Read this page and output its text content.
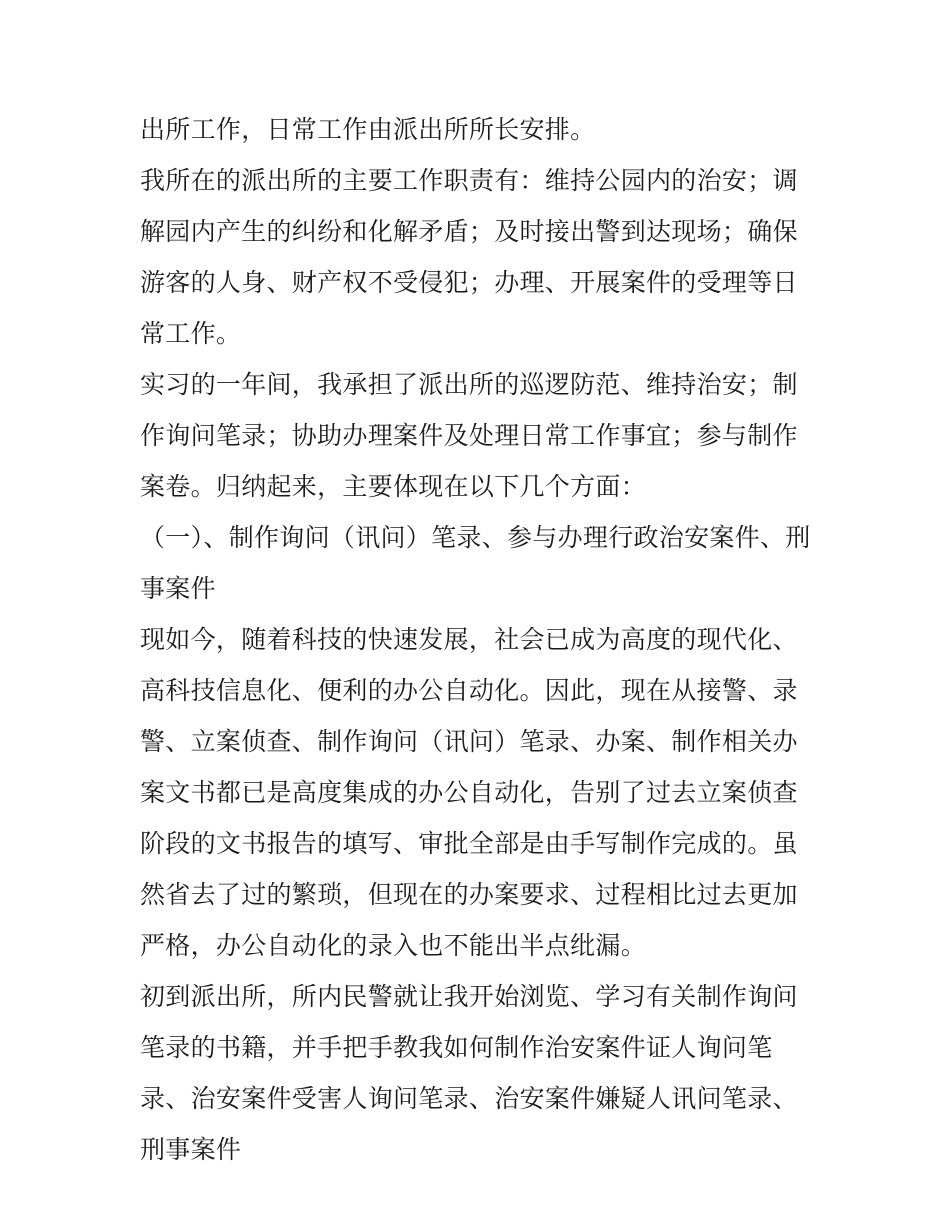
出所工作，日常工作由派出所所长安排。

我所在的派出所的主要工作职责有：维持公园内的治安；调解园内产生的纠纷和化解矛盾；及时接出警到达现场；确保游客的人身、财产权不受侵犯；办理、开展案件的受理等日常工作。

实习的一年间，我承担了派出所的巡逻防范、维持治安；制作询问笔录；协助办理案件及处理日常工作事宜；参与制作案卷。归纳起来，主要体现在以下几个方面：

（一）、制作询问（讯问）笔录、参与办理行政治安案件、刑事案件

现如今，随着科技的快速发展，社会已成为高度的现代化、高科技信息化、便利的办公自动化。因此，现在从接警、录警、立案侦查、制作询问（讯问）笔录、办案、制作相关办案文书都已是高度集成的办公自动化，告别了过去立案侦查阶段的文书报告的填写、审批全部是由手写制作完成的。虽然省去了过的繁琐，但现在的办案要求、过程相比过去更加严格，办公自动化的录入也不能出半点纰漏。

初到派出所，所内民警就让我开始浏览、学习有关制作询问笔录的书籍，并手把手教我如何制作治安案件证人询问笔录、治安案件受害人询问笔录、治安案件嫌疑人讯问笔录、刑事案件
